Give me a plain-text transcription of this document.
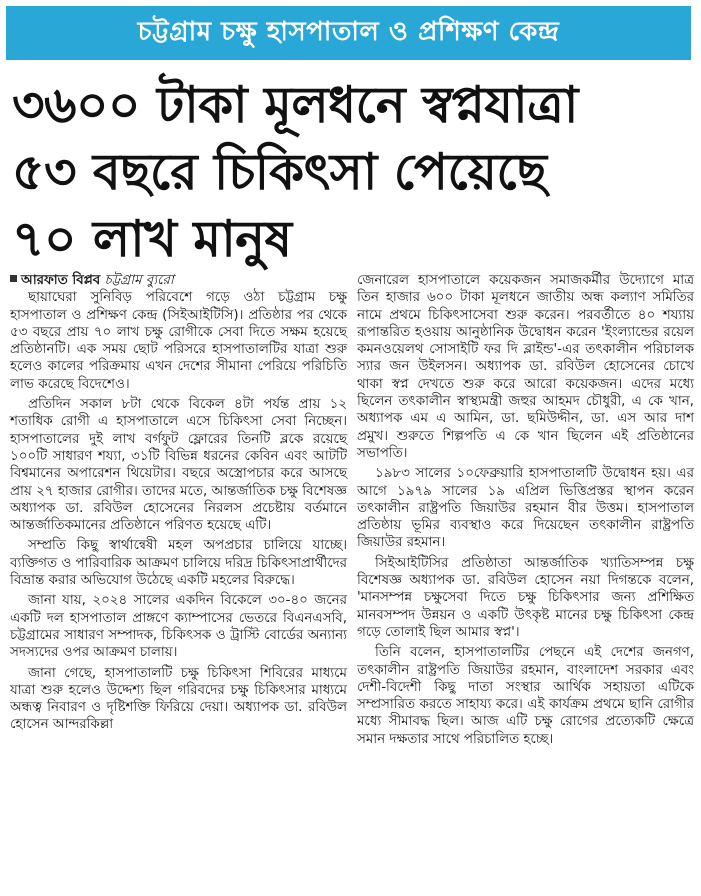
চট্টগ্রাম চক্ষু হাসপাতাল ও প্রশিক্ষণ কেন্দ্র
৩৬০০ টাকা মূলধনে স্বপ্নযাত্রা
৫৩ বছরে চিকিৎসা পেয়েছে
৭০ লাখ মানুষ

আরফাত বিপ্লব চট্টগ্রাম ব্যুরো

ছায়াঘেরা সুনিবিড় পরিবেশে গড়ে ওঠা চট্টগ্রাম চক্ষু হাসপাতাল ও প্রশিক্ষণ কেন্দ্র (সিইআইটিসি)। প্রতিষ্ঠার পর থেকে ৫৩ বছরে প্রায় ৭০ লাখ চক্ষু রোগীকে সেবা দিতে সক্ষম হয়েছে প্রতিষ্ঠানটি। এক সময় ছোট পরিসরে হাসপাতালটির যাত্রা শুরু হলেও কালের পরিক্রমায় এখন দেশের সীমানা পেরিয়ে পরিচিতি লাভ করেছে বিদেশেও।

প্রতিদিন সকাল ৮টা থেকে বিকেল ৪টা পর্যন্ত প্রায় ১২ শতাধিক রোগী এ হাসপাতালে এসে চিকিৎসা সেবা নিচ্ছেন। হাসপাতালের দুই লাখ বর্গফুট ফ্লোরের তিনটি ব্লকে রয়েছে ১০০টি সাধারণ শয্যা, ৩১টি বিভিন্ন ধরনের কেবিন এবং আটটি বিশ্বমানের অপারেশন থিয়েটার। বছরে অস্ত্রোপচার করে আসছে প্রায় ২৭ হাজার রোগীর। তাদের মতে, আন্তর্জাতিক চক্ষু বিশেষজ্ঞ অধ্যাপক ডা. রবিউল হোসেনের নিরলস প্রচেষ্টায় বর্তমানে আন্তর্জাতিকমানের প্রতিষ্ঠানে পরিণত হয়েছে এটি।

সম্প্রতি কিছু স্বার্থান্বেষী মহল অপপ্রচার চালিয়ে যাচ্ছে। ব্যক্তিগত ও পারিবারিক আক্রমণ চালিয়ে দরিদ্র চিকিৎসাপ্রার্থীদের বিভ্রান্ত করার অভিযোগ উঠেছে একটি মহলের বিরুদ্ধে।

জানা যায়, ২০২৪ সালের একদিন বিকেলে ৩০-৪০ জনের একটি দল হাসপাতাল প্রাঙ্গণে ক্যাম্পাসের ভেতরে বিএনএসবি, চট্টগ্রামের সাধারণ সম্পাদক, চিকিৎসক ও ট্রাস্টি বোর্ডের অন্যান্য সদস্যদের ওপর আক্রমণ চালায়।

জানা গেছে, হাসপাতালটি চক্ষু চিকিৎসা শিবিরের মাধ্যমে যাত্রা শুরু হলেও উদ্দেশ্য ছিল গরিবদের চক্ষু চিকিৎসার মাধ্যমে অন্ধত্ব নিবারণ ও দৃষ্টিশক্তি ফিরিয়ে দেয়া। অধ্যাপক ডা. রবিউল হোসেন আন্দরকিল্লা

জেনারেল হাসপাতালে কয়েকজন সমাজকর্মীর উদ্যোগে মাত্র তিন হাজার ৬০০ টাকা মূলধনে জাতীয় অন্ধ কল্যাণ সমিতির নামে প্রথমে চিকিৎসাসেবা শুরু করেন। পরবর্তীতে ৪০ শয্যায় রূপান্তরিত হওয়ায় আনুষ্ঠানিক উদ্বোধন করেন 'ইংল্যান্ডের রয়েল কমনওয়েলথ সোসাইটি ফর দি ব্লাইন্ড'-এর তৎকালীন পরিচালক স্যার জন উইলসন। অধ্যাপক ডা. রবিউল হোসেনের চোখে থাকা স্বপ্ন দেখতে শুরু করে আরো কয়েকজন। এদের মধ্যে ছিলেন তৎকালীন স্বাস্থ্যমন্ত্রী জহুর আহমদ চৌধুরী, এ কে খান, অধ্যাপক এম এ আমিন, ডা. ছমিউদ্দীন, ডা. এস আর দাশ প্রমুখ। শুরুতে শিল্পপতি এ কে খান ছিলেন এই প্রতিষ্ঠানের সভাপতি।

১৯৮৩ সালের ১০ফেব্রুয়ারি হাসপাতালটি উদ্বোধন হয়। এর আগে ১৯৭৯ সালের ১৯ এপ্রিল ভিত্তিপ্রস্তর স্থাপন করেন তৎকালীন রাষ্ট্রপতি জিয়াউর রহমান বীর উত্তম। হাসপাতাল প্রতিষ্ঠায় ভূমির ব্যবস্থাও করে দিয়েছেন তৎকালীন রাষ্ট্রপতি জিয়াউর রহমান।

সিইআইটিসির প্রতিষ্ঠাতা আন্তর্জাতিক খ্যাতিসম্পন্ন চক্ষু বিশেষজ্ঞ অধ্যাপক ডা. রবিউল হোসেন নয়া দিগন্তকে বলেন, 'মানসম্পন্ন চক্ষুসেবা দিতে চক্ষু চিকিৎসার জন্য প্রশিক্ষিত মানবসম্পদ উন্নয়ন ও একটি উৎকৃষ্ট মানের চক্ষু চিকিৎসা কেন্দ্র গড়ে তোলাই ছিল আমার স্বপ্ন'।

তিনি বলেন, হাসপাতালটির পেছনে এই দেশের জনগণ, তৎকালীন রাষ্ট্রপতি জিয়াউর রহমান, বাংলাদেশ সরকার এবং দেশী-বিদেশী কিছু দাতা সংস্থার আর্থিক সহায়তা এটিকে সম্প্রসারিত করতে সাহায্য করে। এই কার্যক্রম প্রথমে ছানি রোগীর মধ্যে সীমাবদ্ধ ছিল। আজ এটি চক্ষু রোগের প্রত্যেকটি ক্ষেত্রে সমান দক্ষতার সাথে পরিচালিত হচ্ছে।
